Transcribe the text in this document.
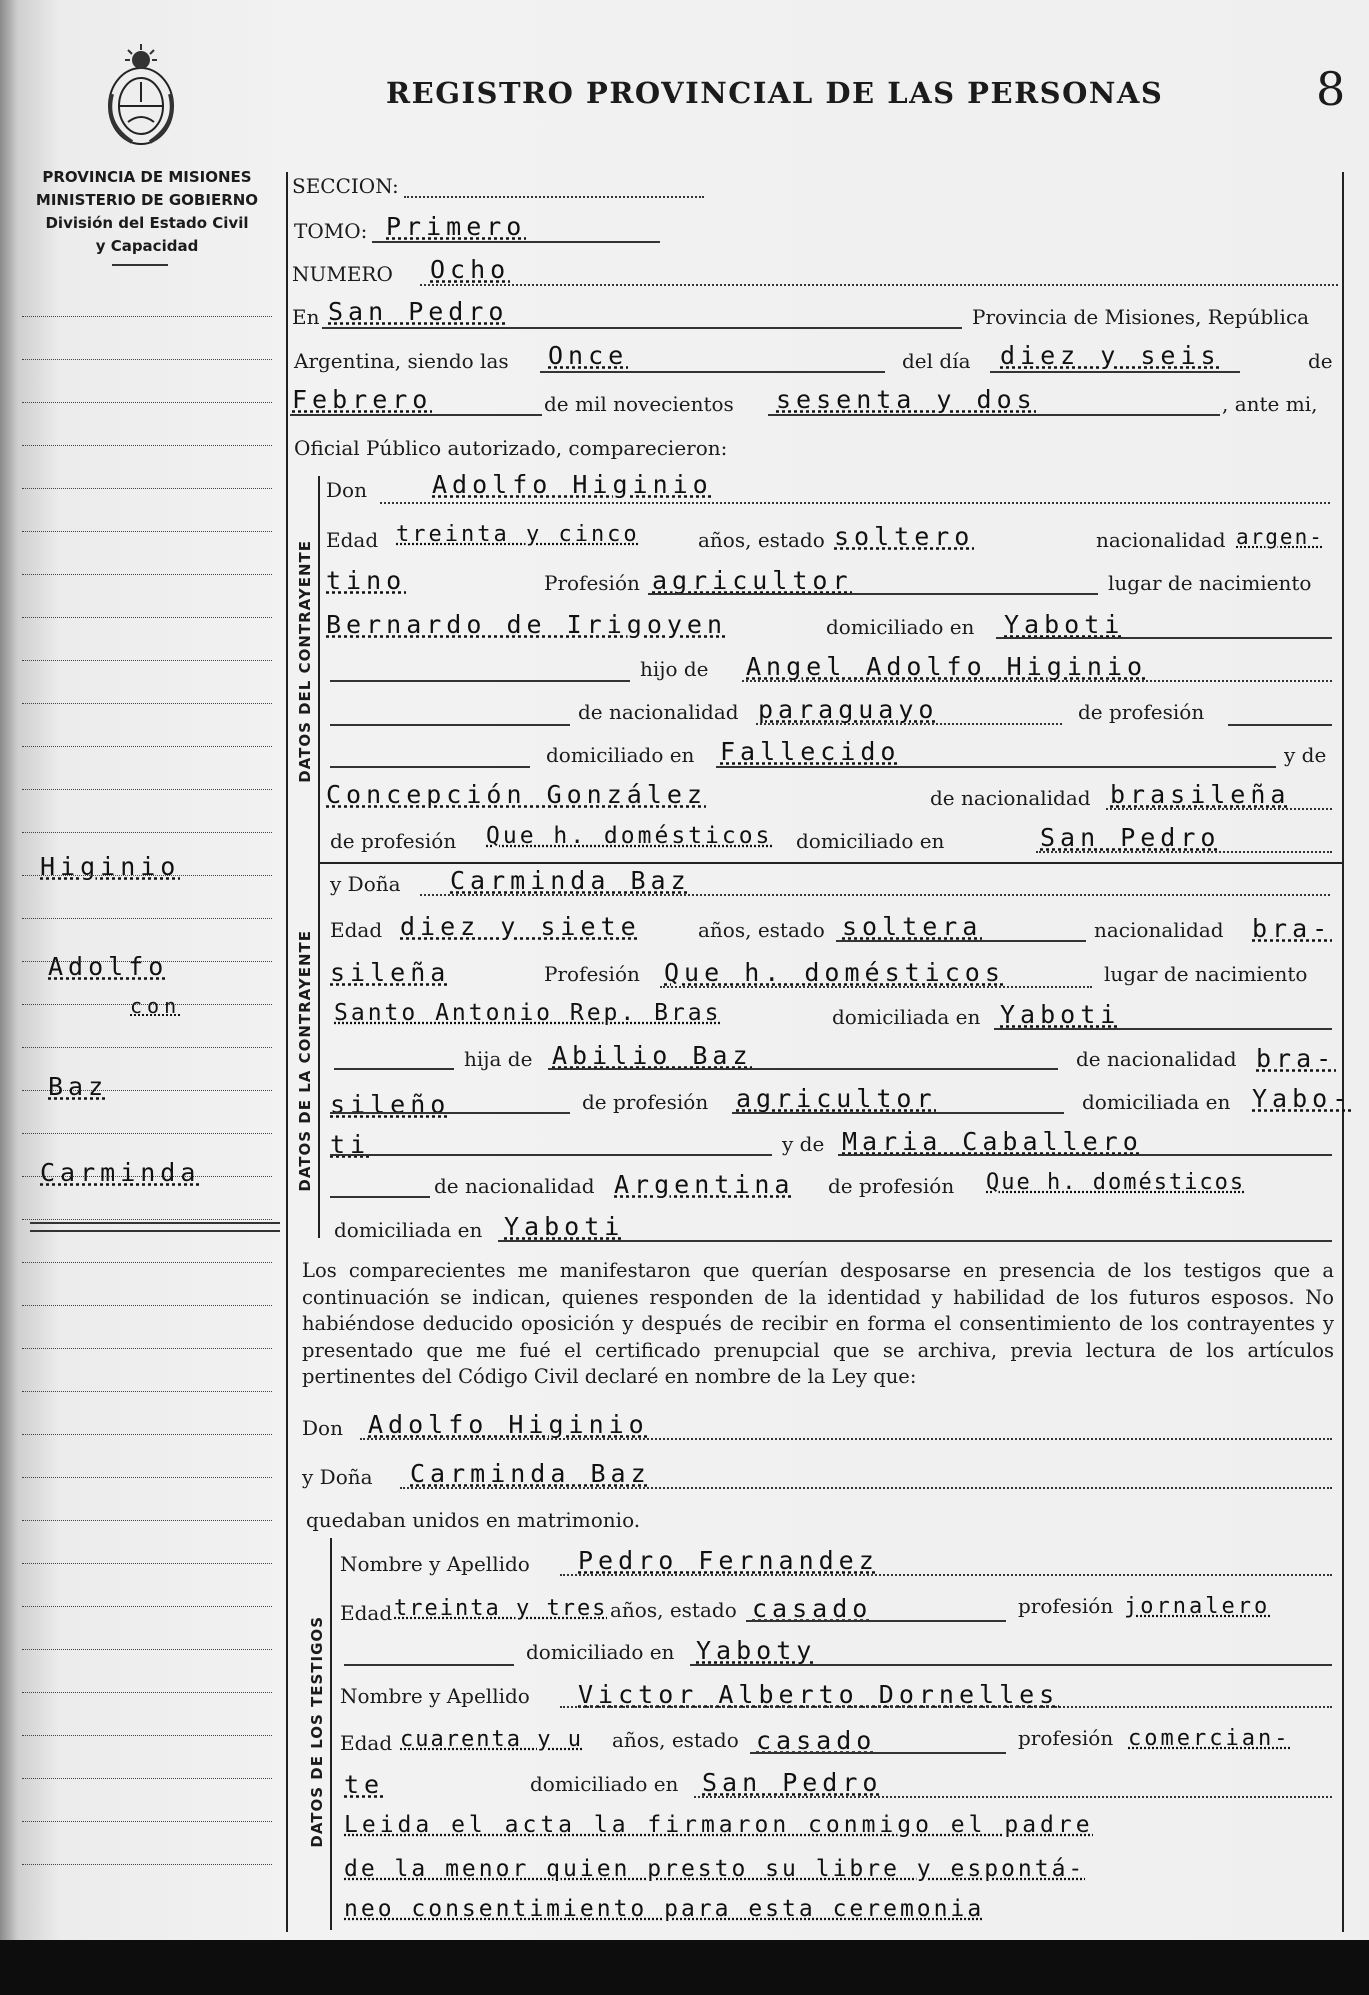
REGISTRO PROVINCIAL DE LAS PERSONAS	8
PROVINCIA DE MISIONES
MINISTERIO DE GOBIERNO
División del Estado Civil
y Capacidad
Higinio
Adolfo
con
Baz
Carminda
SECCION:
TOMO: Primero
NUMERO Ocho
En San Pedro	Provincia de Misiones, República
Argentina, siendo las Once	del día diez y seis	de
Febrero	de mil novecientos sesenta y dos	, ante mi,
Oficial Público autorizado, comparecieron:
DATOS DEL CONTRAYENTE
Don	Adolfo Higinio
Edad treinta y cinco	años, estado soltero	nacionalidad argen-
tino	Profesión agricultor	lugar de nacimiento
Bernardo de Irigoyen	domiciliado en Yaboti
hijo de Angel Adolfo Higinio
de nacionalidad paraguayo	de profesión
domiciliado en Fallecido	y de
Concepción González	de nacionalidad brasileña
de profesión Que h. domésticos domiciliado en	San Pedro
DATOS DE LA CONTRAYENTE
y Doña Carminda Baz
Edad diez y siete	años, estado soltera	nacionalidad bra-
sileña	Profesión Que h. domésticos	lugar de nacimiento
Santo Antonio Rep. Bras	domiciliada en Yaboti
hija de Abilio Baz	de nacionalidad bra-
sileño	de profesión agricultor	domiciliada en Yabo-
ti	y de Maria Caballero
de nacionalidad Argentina de profesión Que h. domésticos
domiciliada en Yaboti
Los comparecientes me manifestaron que querían desposarse en presencia de los testigos que a continuación se indican, quienes responden de la identidad y habilidad de los futuros esposos. No habiéndose deducido oposición y después de recibir en forma el consentimiento de los contrayentes y presentado que me fué el certificado prenupcial que se archiva, previa lectura de los artículos pertinentes del Código Civil declaré en nombre de la Ley que:
Don Adolfo Higinio
y Doña Carminda Baz
quedaban unidos en matrimonio.
DATOS DE LOS TESTIGOS
Nombre y Apellido Pedro Fernandez
Edad treinta y tres años, estado casado	profesión jornalero
domiciliado en Yaboty
Nombre y Apellido Victor Alberto Dornelles
Edad cuarenta y u años, estado casado	profesión comercian-
te	domiciliado en San Pedro
Leida el acta la firmaron conmigo el padre
de la menor quien presto su libre y espontá-
neo consentimiento para esta ceremonia
